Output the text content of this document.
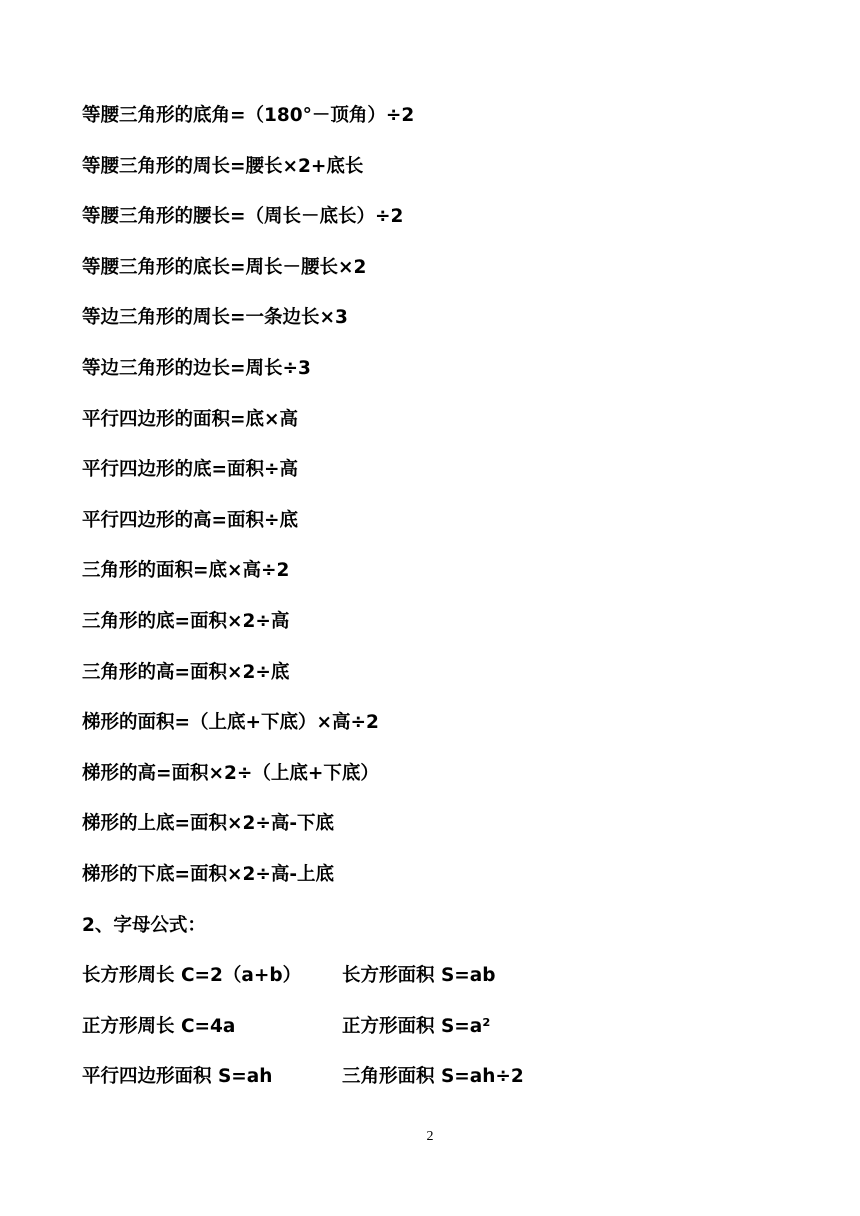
等腰三角形的底角=（180°－顶角）÷2
等腰三角形的周长=腰长×2+底长
等腰三角形的腰长=（周长－底长）÷2
等腰三角形的底长=周长－腰长×2
等边三角形的周长=一条边长×3
等边三角形的边长=周长÷3
平行四边形的面积=底×高
平行四边形的底=面积÷高
平行四边形的高=面积÷底
三角形的面积=底×高÷2
三角形的底=面积×2÷高
三角形的高=面积×2÷底
梯形的面积=（上底+下底）×高÷2
梯形的高=面积×2÷（上底+下底）
梯形的上底=面积×2÷高-下底
梯形的下底=面积×2÷高-上底
2、字母公式：
长方形周长 C=2（a+b）	长方形面积 S=ab
正方形周长 C=4a	正方形面积 S=a²
平行四边形面积 S=ah	三角形面积 S=ah÷2
2
